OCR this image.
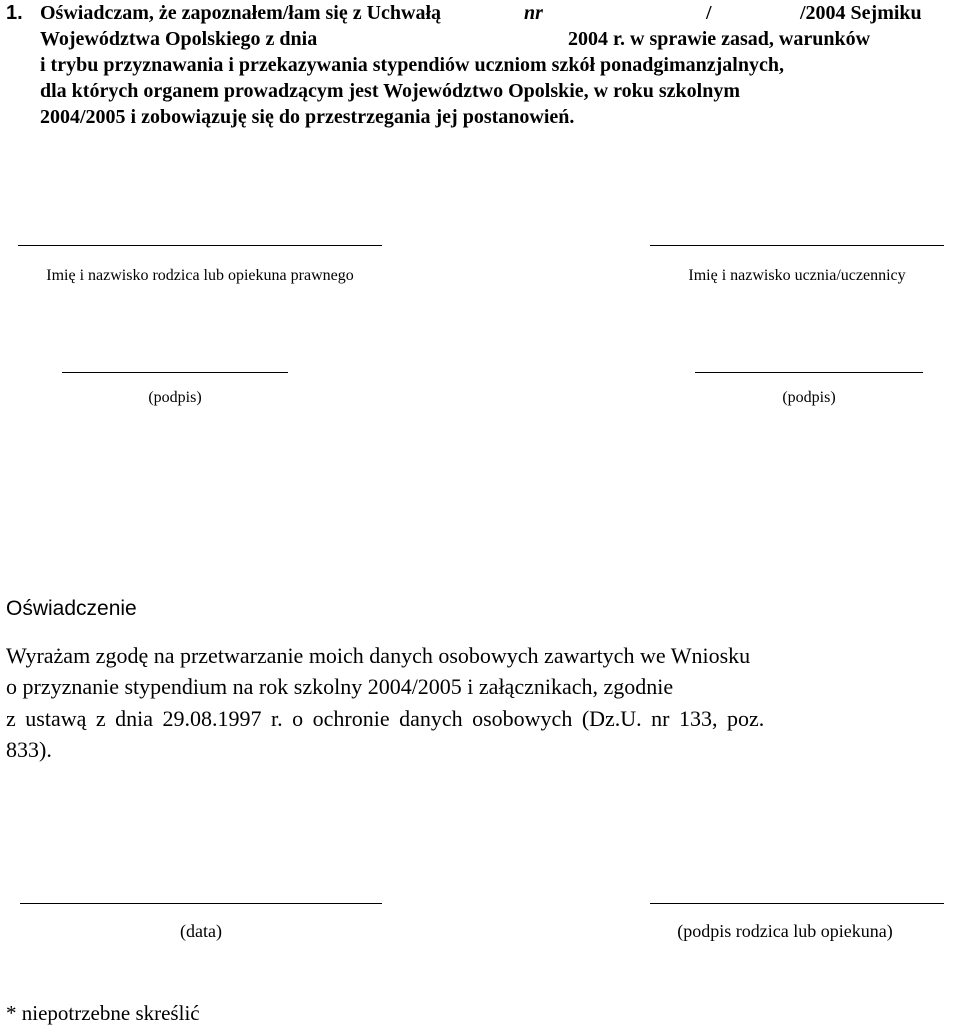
1. Oświadczam, że zapoznałem/łam się z Uchwałą	nr	/	/2004 Sejmiku
Województwa Opolskiego z dnia	2004 r. w sprawie zasad, warunków
i trybu przyznawania i przekazywania stypendiów uczniom szkół ponadgimanzjalnych,
dla których organem prowadzącym jest Województwo Opolskie, w roku szkolnym
2004/2005 i zobowiązuję się do przestrzegania jej postanowień.
Imię i nazwisko rodzica lub opiekuna prawnego	Imię i nazwisko ucznia/uczennicy
(podpis)	(podpis)
Oświadczenie
Wyrażam zgodę na przetwarzanie moich danych osobowych zawartych we Wniosku
o przyznanie stypendium na rok szkolny 2004/2005 i załącznikach, zgodnie
z ustawą z dnia 29.08.1997 r. o ochronie danych osobowych (Dz.U. nr 133, poz.
833).
(data)	(podpis rodzica lub opiekuna)
* niepotrzebne skreślić
